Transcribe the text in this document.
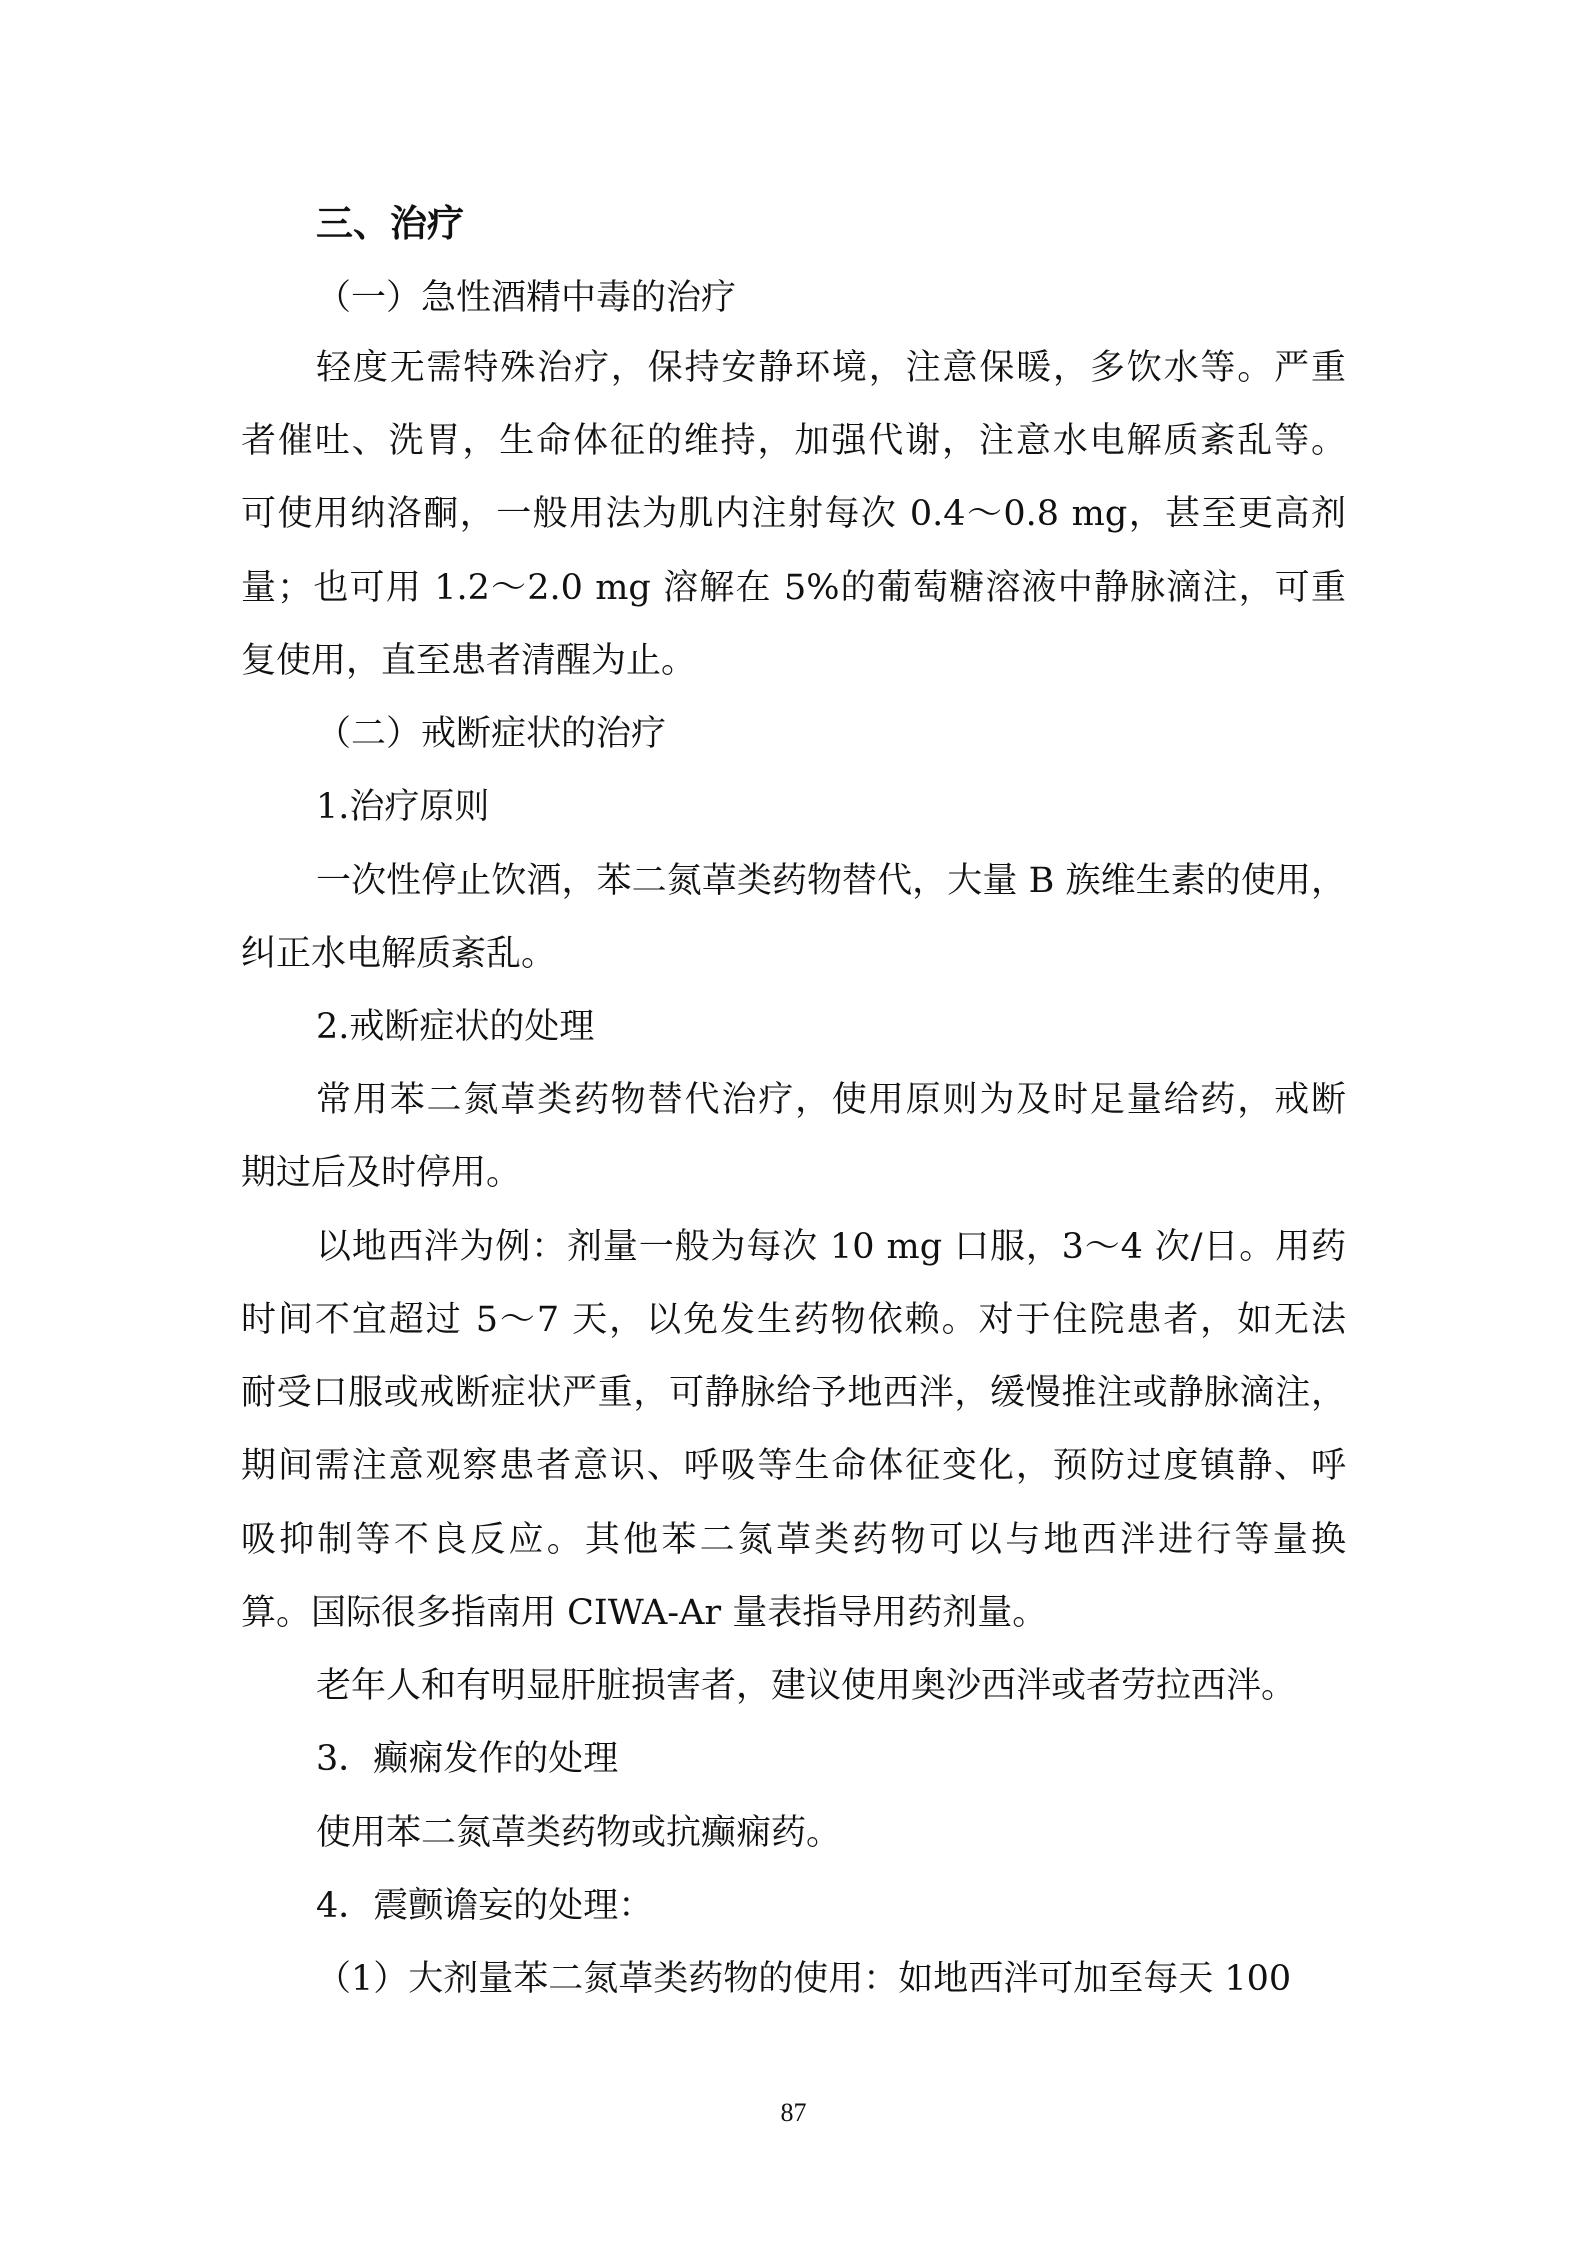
三、治疗
（一）急性酒精中毒的治疗
轻度无需特殊治疗，保持安静环境，注意保暖，多饮水等。严重
者催吐、洗胃，生命体征的维持，加强代谢，注意水电解质紊乱等。
可使用纳洛酮，一般用法为肌内注射每次 0.4～0.8 mg，甚至更高剂
量；也可用 1.2～2.0 mg 溶解在 5%的葡萄糖溶液中静脉滴注，可重
复使用，直至患者清醒为止。
（二）戒断症状的治疗
1.治疗原则
一次性停止饮酒，苯二氮䓬类药物替代，大量 B 族维生素的使用，
纠正水电解质紊乱。
2.戒断症状的处理
常用苯二氮䓬类药物替代治疗，使用原则为及时足量给药，戒断
期过后及时停用。
以地西泮为例：剂量一般为每次 10 mg 口服，3～4 次/日。用药
时间不宜超过 5～7 天，以免发生药物依赖。对于住院患者，如无法
耐受口服或戒断症状严重，可静脉给予地西泮，缓慢推注或静脉滴注，
期间需注意观察患者意识、呼吸等生命体征变化，预防过度镇静、呼
吸抑制等不良反应。其他苯二氮䓬类药物可以与地西泮进行等量换
算。国际很多指南用 CIWA-Ar 量表指导用药剂量。
老年人和有明显肝脏损害者，建议使用奥沙西泮或者劳拉西泮。
3．癫痫发作的处理
使用苯二氮䓬类药物或抗癫痫药。
4．震颤谵妄的处理：
（1）大剂量苯二氮䓬类药物的使用：如地西泮可加至每天 100
87
